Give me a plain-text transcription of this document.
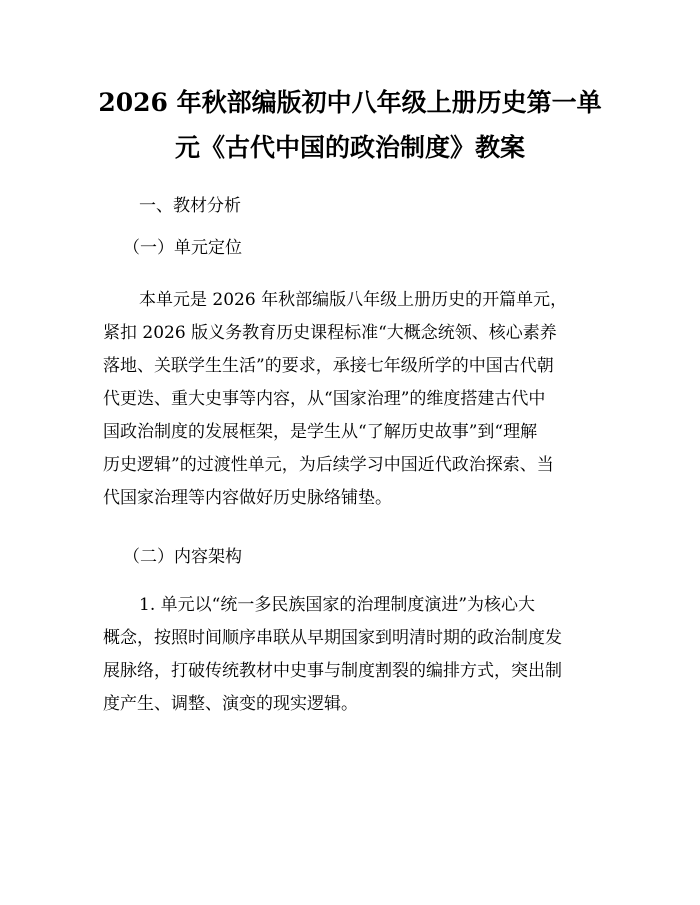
2026 年秋部编版初中八年级上册历史第一单
元《古代中国的政治制度》教案
一、教材分析
（一）单元定位
本单元是 2026 年秋部编版八年级上册历史的开篇单元，
紧扣 2026 版义务教育历史课程标准“大概念统领、核心素养
落地、关联学生生活”的要求，承接七年级所学的中国古代朝
代更迭、重大史事等内容，从“国家治理”的维度搭建古代中
国政治制度的发展框架，是学生从“了解历史故事”到“理解
历史逻辑”的过渡性单元，为后续学习中国近代政治探索、当
代国家治理等内容做好历史脉络铺垫。
（二）内容架构
1. 单元以“统一多民族国家的治理制度演进”为核心大
概念，按照时间顺序串联从早期国家到明清时期的政治制度发
展脉络，打破传统教材中史事与制度割裂的编排方式，突出制
度产生、调整、演变的现实逻辑。
